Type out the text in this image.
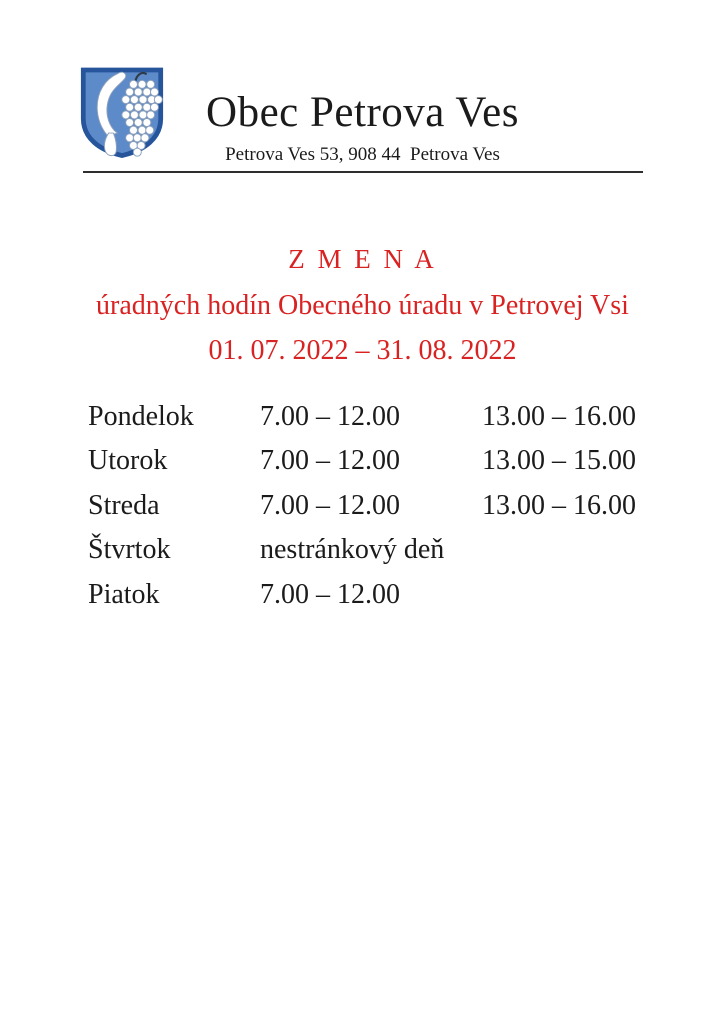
Obec Petrova Ves
Petrova Ves 53, 908 44  Petrova Ves
Z M E N A
úradných hodín Obecného úradu v Petrovej Vsi
01. 07. 2022 – 31. 08. 2022
Pondelok	7.00 – 12.00	13.00 – 16.00
Utorok	7.00 – 12.00	13.00 – 15.00
Streda	7.00 – 12.00	13.00 – 16.00
Štvrtok	nestránkový deň
Piatok	7.00 – 12.00
